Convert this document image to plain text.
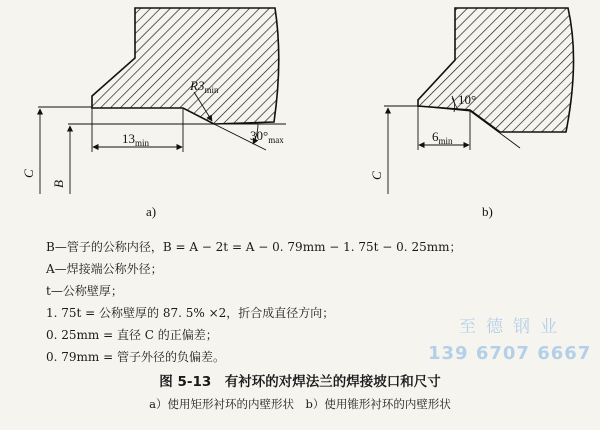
$R3_{min}$
$30^\circ_{max}$
$13_{min}$
C
B
a)
10°
$6_{min}$
C
b)
B—管子的公称内径，B = A − 2t = A − 0. 79mm − 1. 75t − 0. 25mm；
A—焊接端公称外径；
t—公称壁厚；
1. 75t = 公称壁厚的 87. 5% ×2，折合成直径方向；
0. 25mm = 直径 C 的正偏差；
0. 79mm = 管子外径的负偏差。
图 5-13　有衬环的对焊法兰的焊接坡口和尺寸
a）使用矩形衬环的内壁形状　b）使用锥形衬环的内壁形状
至德钢业
139 6707 6667
